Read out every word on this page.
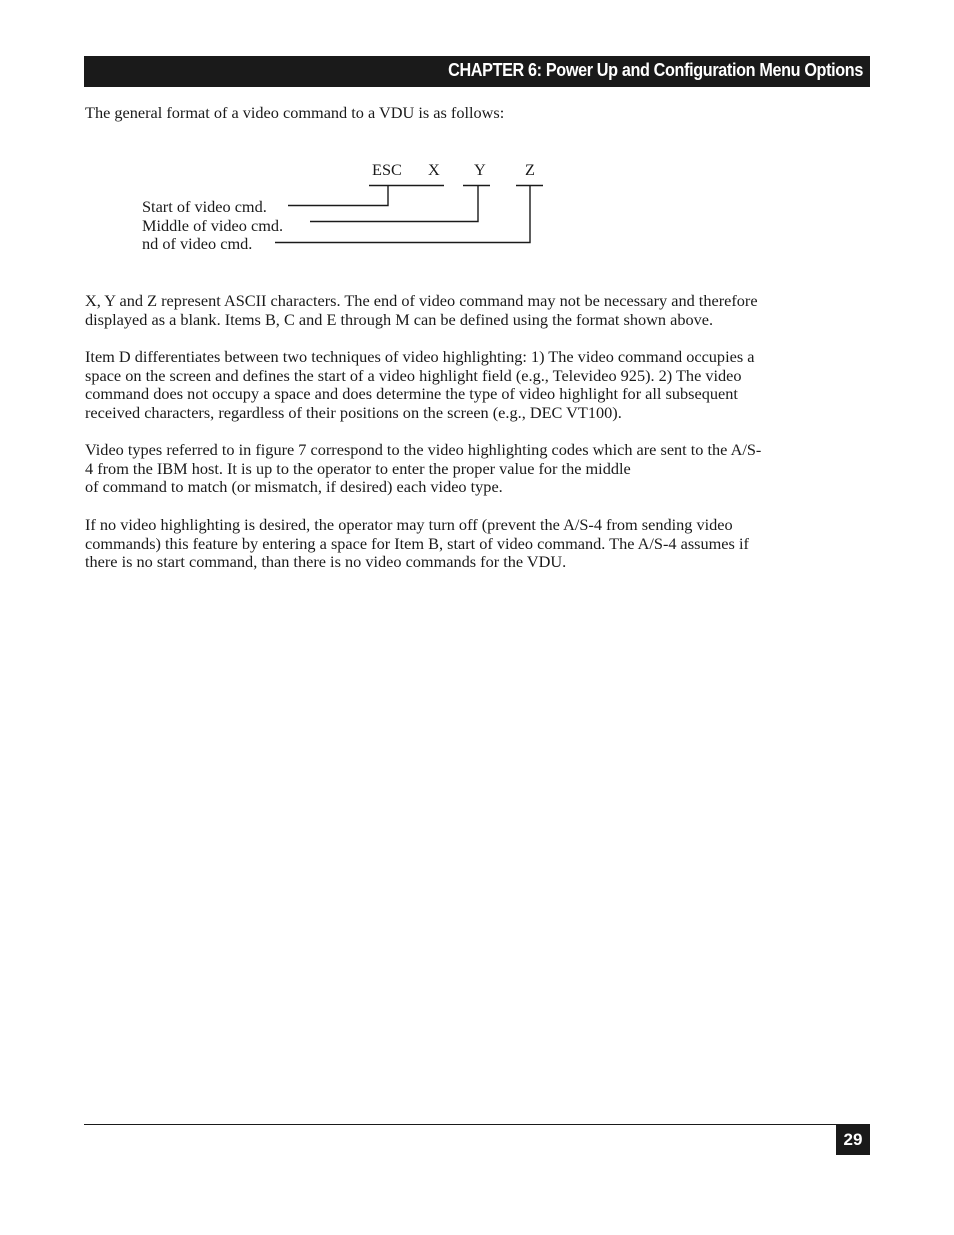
CHAPTER 6: Power Up and Configuration Menu Options
The general format of a video command to a VDU is as follows:
ESC X Y Z
Start of video cmd.
Middle of video cmd.
nd of video cmd.

X, Y and Z represent ASCII characters. The end of video command may not be necessary and therefore

displayed as a blank. Items B, C and E through M can be defined using the format shown above.

Item D differentiates between two techniques of video highlighting: 1) The video command occupies a

space on the screen and defines the start of a video highlight field (e.g., Televideo 925). 2) The video

command does not occupy a space and does determine the type of video highlight for all subsequent

received characters, regardless of their positions on the screen (e.g., DEC VT100).

Video types referred to in figure 7 correspond to the video highlighting codes which are sent to the A/S-

4 from the IBM host. It is up to the operator to enter the proper value for the middle

of command to match (or mismatch, if desired) each video type.

If no video highlighting is desired, the operator may turn off (prevent the A/S-4 from sending video

commands) this feature by entering a space for Item B, start of video command. The A/S-4 assumes if

there is no start command, than there is no video commands for the VDU.

29
